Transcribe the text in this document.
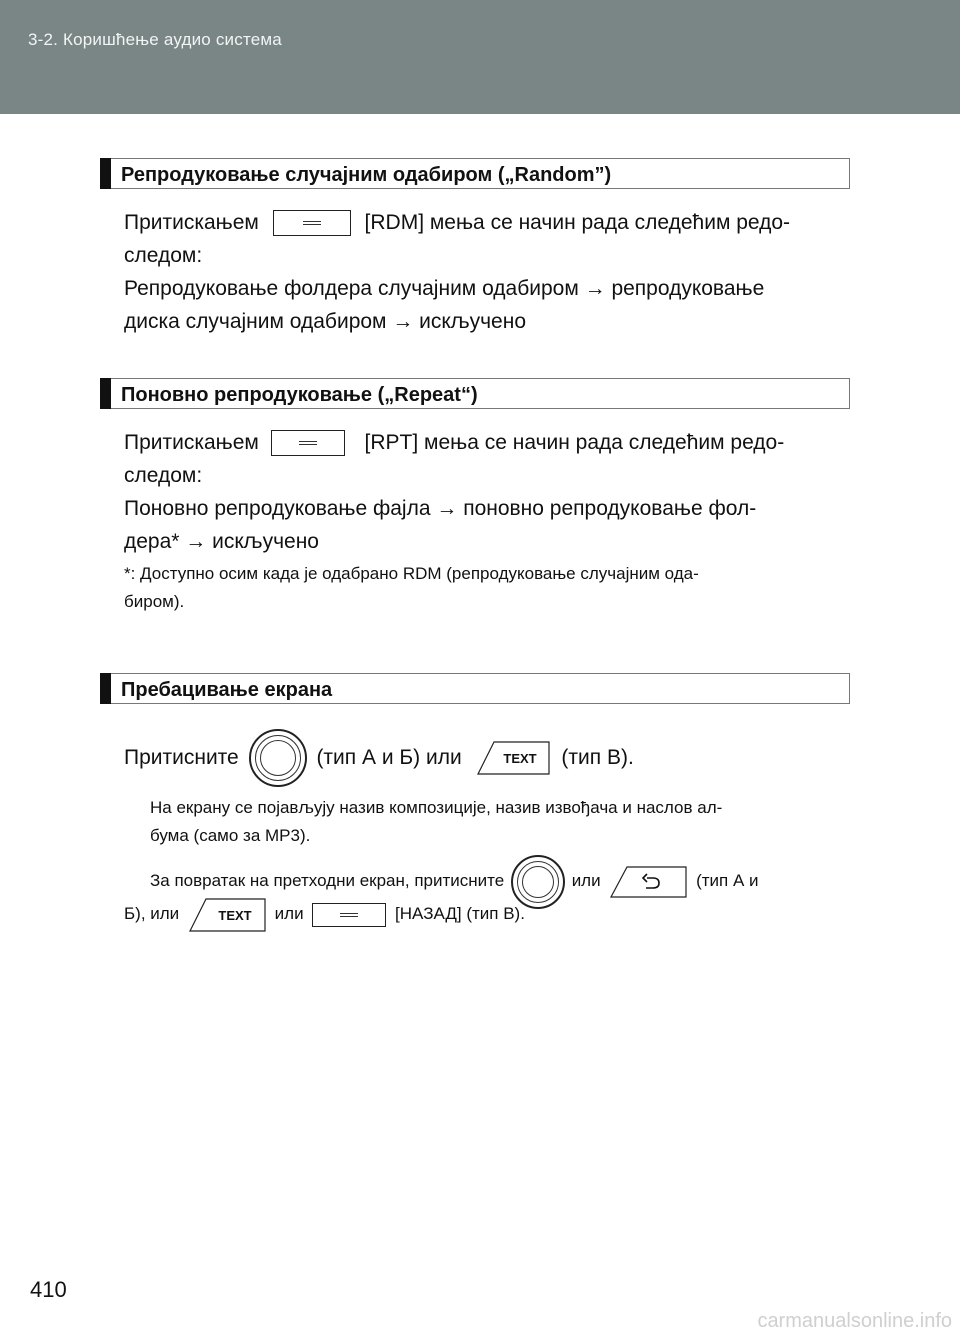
3-2. Коришћење аудио система
Репродуковање случајним одабиром („Random”)
Притискањем	[RDM] мења се начин рада следећим редо-
следом:
Репродуковање фолдера случајним одабиром → репродуковање
диска случајним одабиром → искључено
Поновно репродуковање („Repeat“)
Притискањем	[RPT] мења се начин рада следећим редо-
следом:
Поновно репродуковање фајла → поновно репродуковање фол-
дера* → искључено
*: Доступно осим када је одабрано RDM (репродуковање случајним ода-
биром).
Пребацивање екрана
Притисните	(тип А и Б) или	TEXT (тип В).
На екрану се појављују назив композиције, назив извођача и наслов ал-
бума (само за МР3).
За повратак на претходни екран, притисните	или	(тип А и
Б), или	TEXT или	[НАЗАД] (тип В).
410
carmanualsonline.info
